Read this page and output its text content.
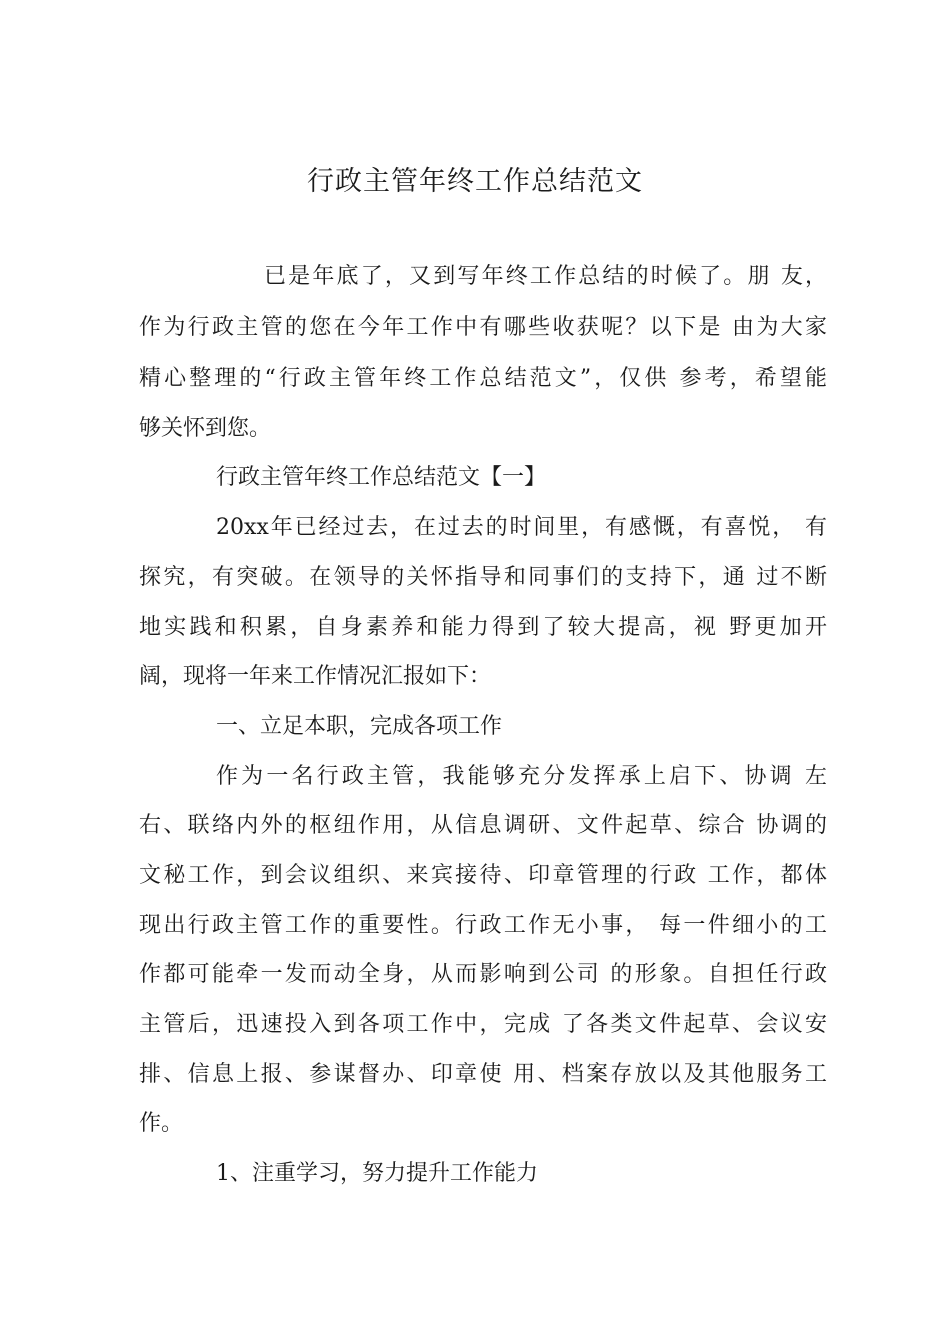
行政主管年终工作总结范文
已是年底了，又到写年终工作总结的时候了。朋 友，
作为行政主管的您在今年工作中有哪些收获呢？以下是 由为大家
精心整理的“行政主管年终工作总结范文”，仅供 参考，希望能
够关怀到您。
行政主管年终工作总结范文【一】
20xx年已经过去，在过去的时间里，有感慨，有喜悦， 有
探究，有突破。在领导的关怀指导和同事们的支持下，通 过不断
地实践和积累，自身素养和能力得到了较大提高，视 野更加开
阔，现将一年来工作情况汇报如下：
一、立足本职，完成各项工作
作为一名行政主管，我能够充分发挥承上启下、协调 左
右、联络内外的枢纽作用，从信息调研、文件起草、综合 协调的
文秘工作，到会议组织、来宾接待、印章管理的行政 工作，都体
现出行政主管工作的重要性。行政工作无小事， 每一件细小的工
作都可能牵一发而动全身，从而影响到公司 的形象。自担任行政
主管后，迅速投入到各项工作中，完成 了各类文件起草、会议安
排、信息上报、参谋督办、印章使 用、档案存放以及其他服务工
作。
1、注重学习，努力提升工作能力
